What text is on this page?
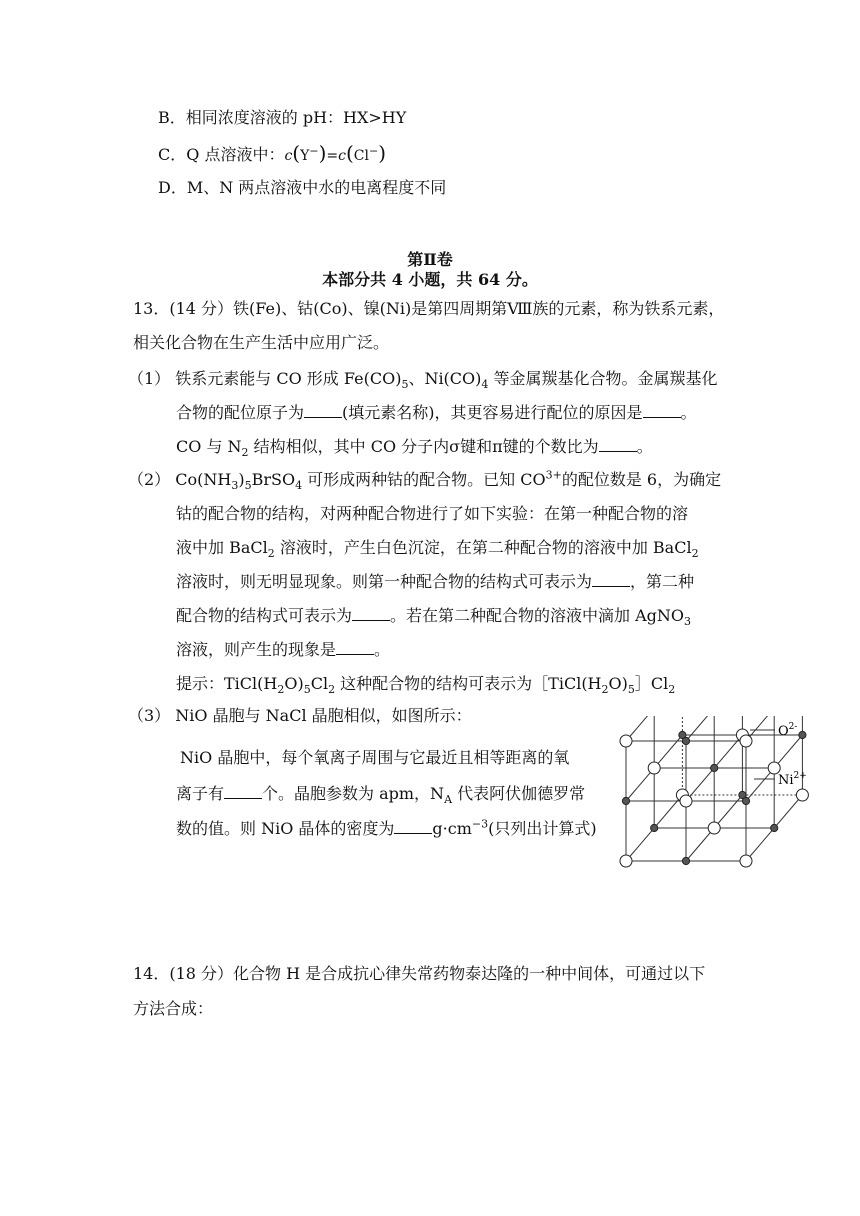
B．相同浓度溶液的 pH：HX>HY
C．Q 点溶液中：c(Y−)=c(Cl−)
D．M、N 两点溶液中水的电离程度不同
第Ⅱ卷
本部分共 4 小题，共 64 分。
13．(14 分）铁(Fe)、钴(Co)、镍(Ni)是第四周期第Ⅷ族的元素，称为铁系元素，
相关化合物在生产生活中应用广泛。
（1） 铁系元素能与 CO 形成 $Fe(CO)_5$、$Ni(CO)_4$ 等金属羰基化合物。金属羰基化
合物的配位原子为 (填元素名称)，其更容易进行配位的原因是 。
CO 与 $N_2$ 结构相似，其中 CO 分子内σ键和π键的个数比为 。
（2） $Co(NH_3)_5BrSO_4$ 可形成两种钴的配合物。已知 $CO^{3+}$的配位数是 6，为确定
钴的配合物的结构，对两种配合物进行了如下实验：在第一种配合物的溶
液中加 BaCl$_2$ 溶液时，产生白色沉淀，在第二种配合物的溶液中加 BaCl$_2$
溶液时，则无明显现象。则第一种配合物的结构式可表示为 ，第二种
配合物的结构式可表示为 。若在第二种配合物的溶液中滴加 AgNO$_3$
溶液，则产生的现象是 。
提示：$TiCl(H_2O)_5Cl_2$ 这种配合物的结构可表示为$[TiCl(H_2O)_5]Cl_2$
（3） NiO 晶胞与 NaCl 晶胞相似，如图所示：
NiO 晶胞中，每个氧离子周围与它最近且相等距离的氧
离子有 个。晶胞参数为 apm，$N_A$ 代表阿伏伽德罗常
数的值。则 NiO 晶体的密度为 $g\cdot cm^{-3}$(只列出计算式)
$O^{2-}$
$Ni^{2+}$
14．(18 分）化合物 H 是合成抗心律失常药物泰达隆的一种中间体，可通过以下
方法合成：
